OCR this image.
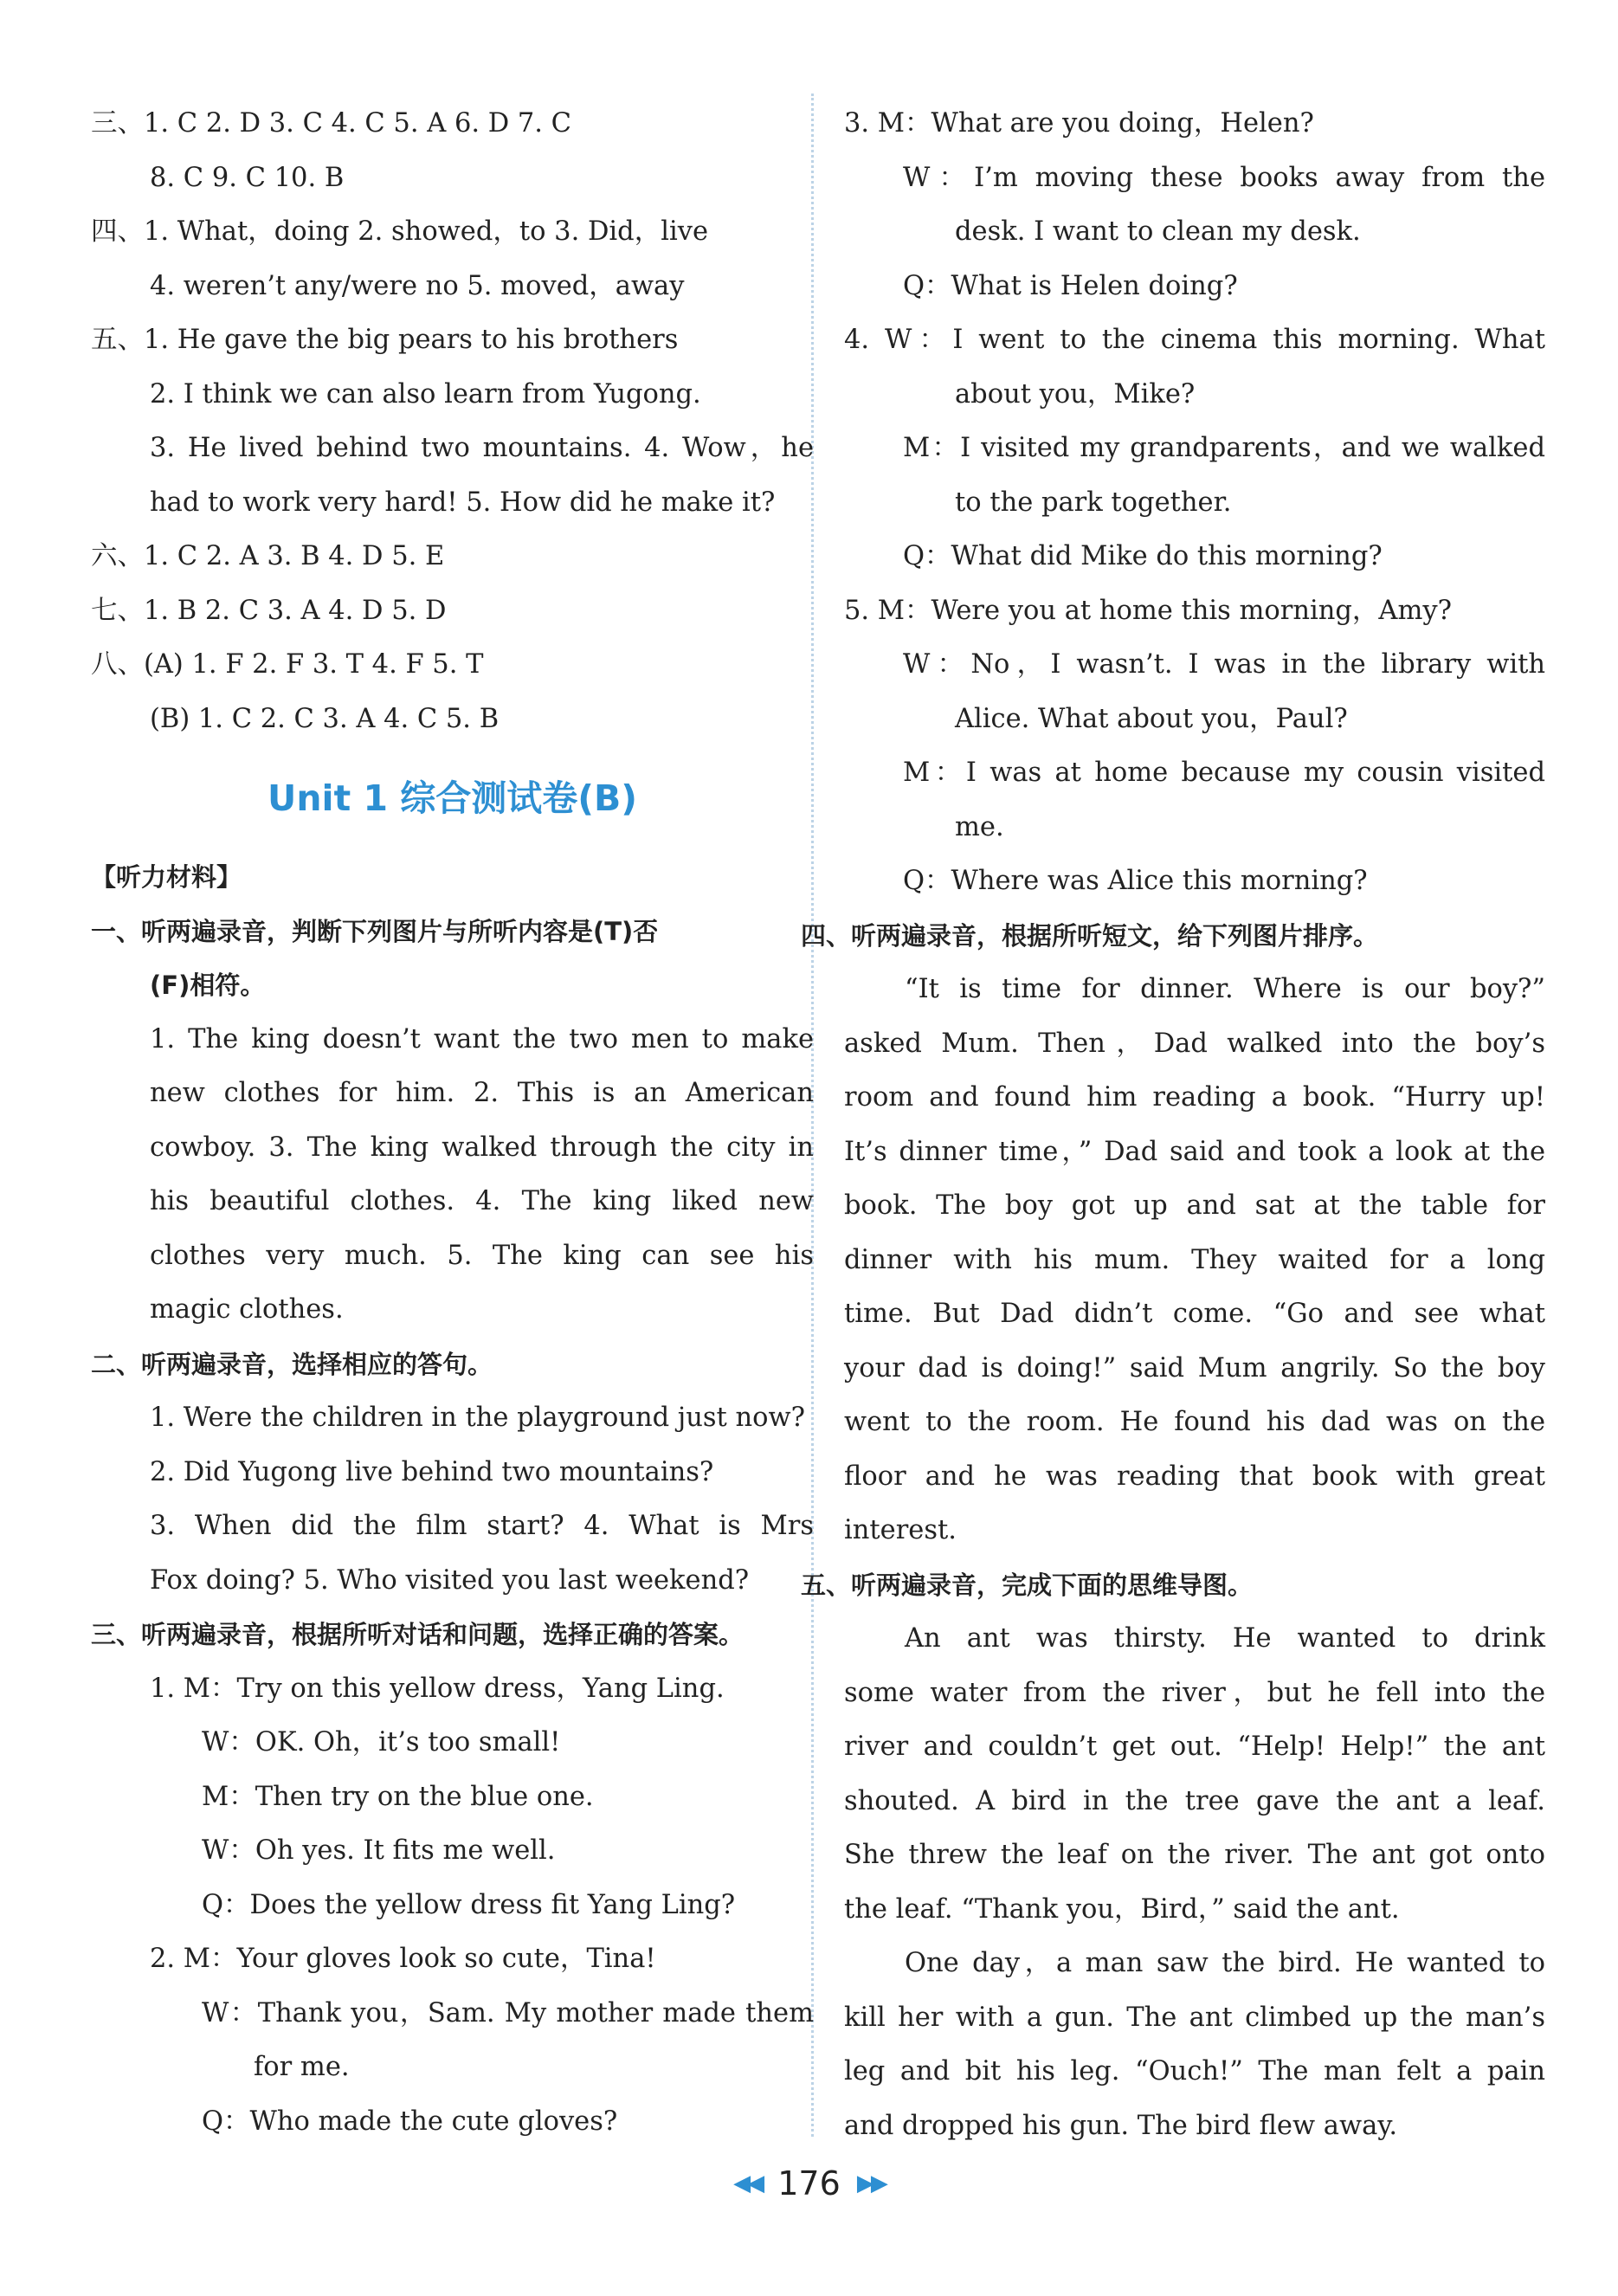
三、1. C 2. D 3. C 4. C 5. A 6. D 7. C
8. C 9. C 10. B
四、1. What，doing 2. showed，to 3. Did，live
4. weren’t any/were no 5. moved，away
五、1. He gave the big pears to his brothers
2. I think we can also learn from Yugong.
3. He lived behind two mountains. 4. Wow，he
had to work very hard! 5. How did he make it?
六、1. C 2. A 3. B 4. D 5. E
七、1. B 2. C 3. A 4. D 5. D
八、(A) 1. F 2. F 3. T 4. F 5. T
(B) 1. C 2. C 3. A 4. C 5. B
Unit 1 综合测试卷(B)
【听力材料】
一、听两遍录音，判断下列图片与所听内容是(T)否
(F)相符。
1. The king doesn’t want the two men to make
new clothes for him. 2. This is an American
cowboy. 3. The king walked through the city in
his beautiful clothes. 4. The king liked new
clothes very much. 5. The king can see his
magic clothes.
二、听两遍录音，选择相应的答句。
1. Were the children in the playground just now?
2. Did Yugong live behind two mountains?
3. When did the film start? 4. What is Mrs
Fox doing? 5. Who visited you last weekend?
三、听两遍录音，根据所听对话和问题，选择正确的答案。
1. M：Try on this yellow dress，Yang Ling.
W：OK. Oh，it’s too small!
M：Then try on the blue one.
W：Oh yes. It fits me well.
Q：Does the yellow dress fit Yang Ling?
2. M：Your gloves look so cute，Tina!
W：Thank you，Sam. My mother made them
for me.
Q：Who made the cute gloves?
3. M：What are you doing，Helen?
W：I’m moving these books away from the
desk. I want to clean my desk.
Q：What is Helen doing?
4. W：I went to the cinema this morning. What
about you，Mike?
M：I visited my grandparents，and we walked
to the park together.
Q：What did Mike do this morning?
5. M：Were you at home this morning，Amy?
W：No，I wasn’t. I was in the library with
Alice. What about you，Paul?
M：I was at home because my cousin visited
me.
Q：Where was Alice this morning?
四、听两遍录音，根据所听短文，给下列图片排序。
“It is time for dinner. Where is our boy?”
asked Mum. Then，Dad walked into the boy’s
room and found him reading a book. “Hurry up!
It’s dinner time，” Dad said and took a look at the
book. The boy got up and sat at the table for
dinner with his mum. They waited for a long
time. But Dad didn’t come. “Go and see what
your dad is doing!” said Mum angrily. So the boy
went to the room. He found his dad was on the
floor and he was reading that book with great
interest.
五、听两遍录音，完成下面的思维导图。
An ant was thirsty. He wanted to drink
some water from the river，but he fell into the
river and couldn’t get out. “Help! Help!” the ant
shouted. A bird in the tree gave the ant a leaf.
She threw the leaf on the river. The ant got onto
the leaf. “Thank you，Bird，” said the ant.
One day，a man saw the bird. He wanted to
kill her with a gun. The ant climbed up the man’s
leg and bit his leg. “Ouch!” The man felt a pain
and dropped his gun. The bird flew away.
◀◀ 176 ▶▶
